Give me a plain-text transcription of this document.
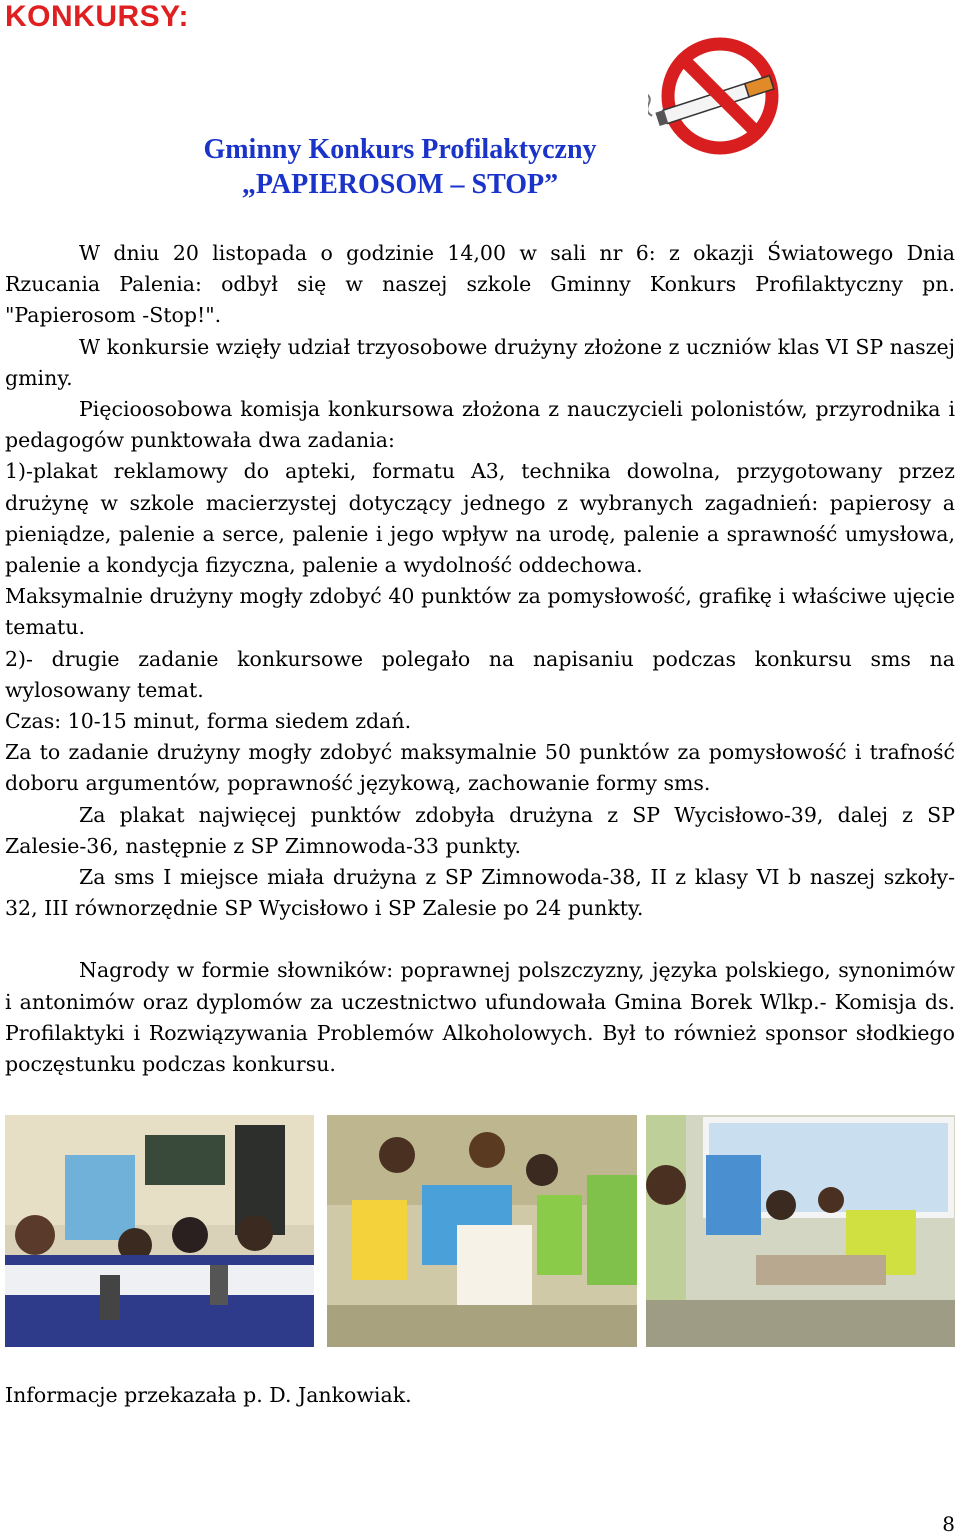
KONKURSY:
Gminny Konkurs Profilaktyczny
„PAPIEROSOM – STOP”

W dniu 20 listopada o godzinie 14,00 w sali nr 6: z okazji Światowego Dnia Rzucania Palenia: odbył się w naszej szkole Gminny Konkurs Profilaktyczny pn. "Papierosom -Stop!".

W konkursie wzięły udział trzyosobowe drużyny złożone z uczniów klas VI SP naszej gminy.

Pięcioosobowa komisja konkursowa złożona z nauczycieli polonistów, przyrodnika i pedagogów punktowała dwa zadania:

1)-plakat reklamowy do apteki, formatu A3, technika dowolna, przygotowany przez drużynę w szkole macierzystej dotyczący jednego z wybranych zagadnień: papierosy a pieniądze, palenie a serce, palenie i jego wpływ na urodę, palenie a sprawność umysłowa, palenie a kondycja fizyczna, palenie a wydolność oddechowa.

Maksymalnie drużyny mogły zdobyć 40 punktów za pomysłowość, grafikę i właściwe ujęcie tematu.

2)- drugie zadanie konkursowe polegało na napisaniu podczas konkursu sms na wylosowany temat.

Czas: 10-15 minut, forma siedem zdań.

Za to zadanie drużyny mogły zdobyć maksymalnie 50 punktów za pomysłowość i trafność doboru argumentów, poprawność językową, zachowanie formy sms.

Za plakat najwięcej punktów zdobyła drużyna z SP Wycisłowo-39, dalej z SP Zalesie-36, następnie z SP Zimnowoda-33 punkty.

Za sms I miejsce miała drużyna z SP Zimnowoda-38, II z klasy VI b naszej szkoły-32, III równorzędnie SP Wycisłowo i SP Zalesie po 24 punkty.

Nagrody w formie słowników: poprawnej polszczyzny, języka polskiego, synonimów i antonimów oraz dyplomów za uczestnictwo ufundowała Gmina Borek Wlkp.- Komisja ds. Profilaktyki i Rozwiązywania Problemów Alkoholowych. Był to również sponsor słodkiego poczęstunku podczas konkursu.

Informacje przekazała p. D. Jankowiak.
8
